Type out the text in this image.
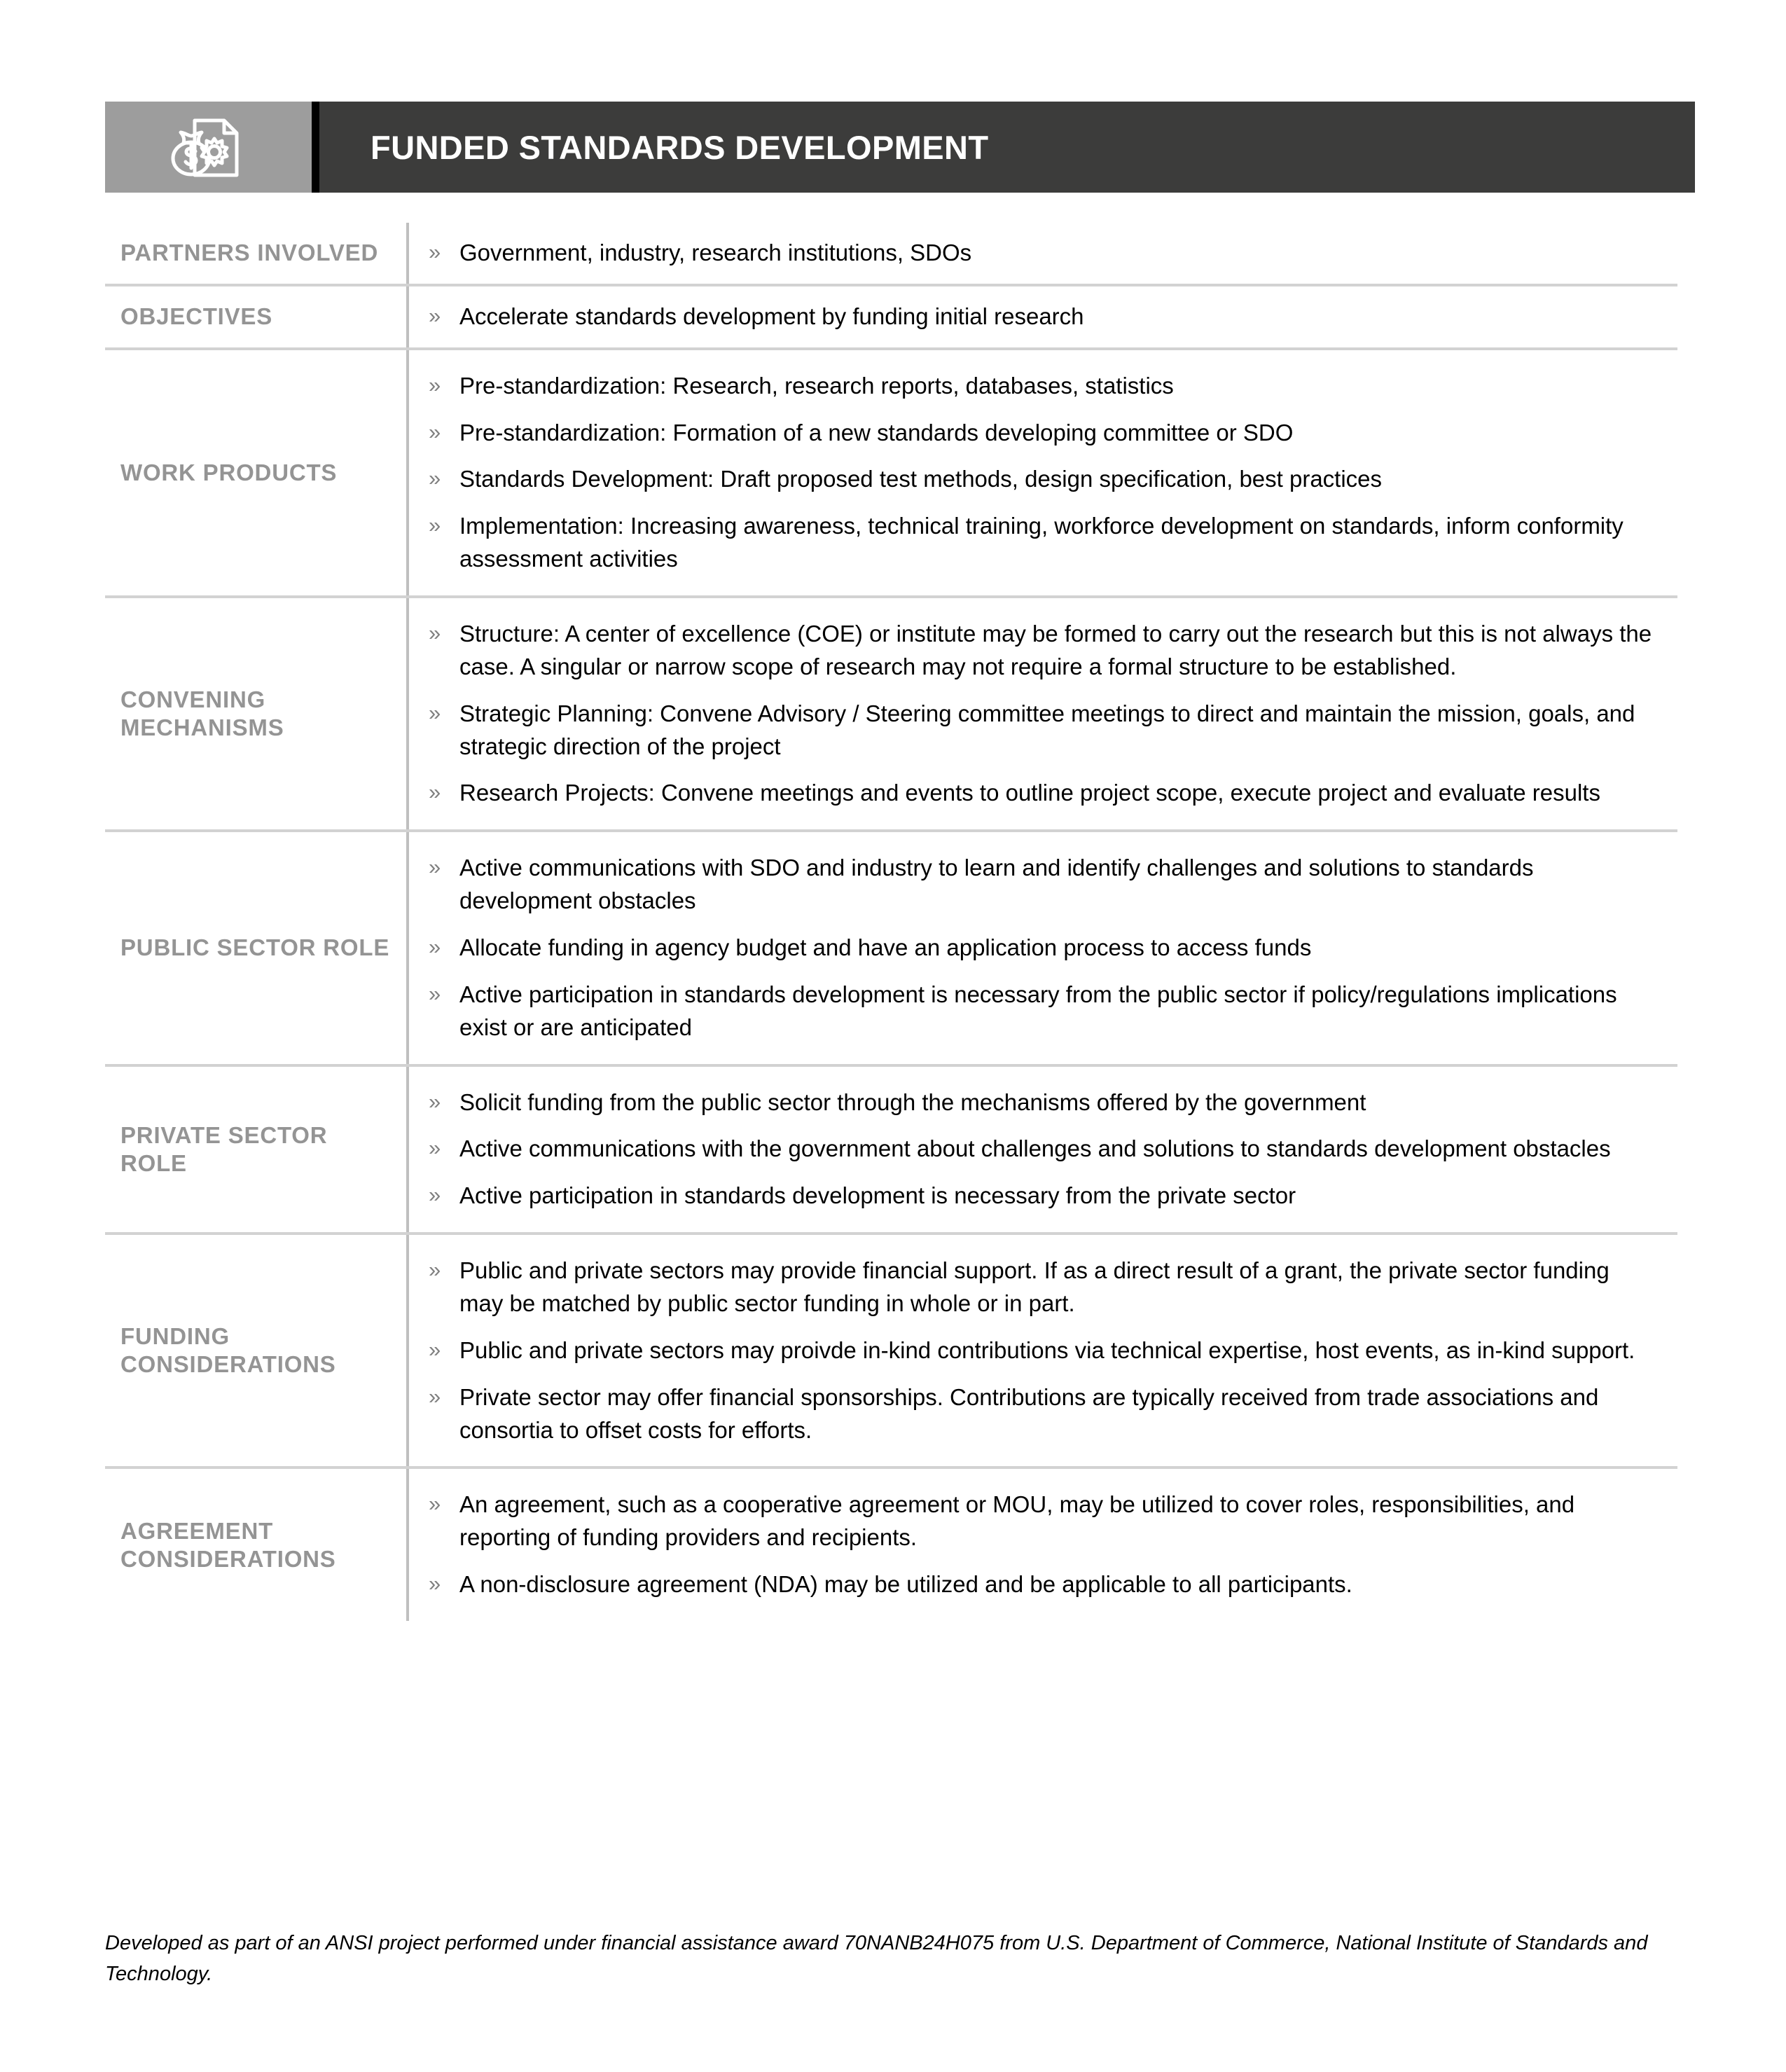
FUNDED STANDARDS DEVELOPMENT
PARTNERS INVOLVED	» Government, industry, research institutions, SDOs
OBJECTIVES	» Accelerate standards development by funding initial research
WORK PRODUCTS
» Pre-standardization: Research, research reports, databases, statistics
» Pre-standardization: Formation of a new standards developing committee or SDO
» Standards Development: Draft proposed test methods, design specification, best practices
» Implementation: Increasing awareness, technical training, workforce development on standards, inform conformity assessment activities
CONVENING MECHANISMS
» Structure: A center of excellence (COE) or institute may be formed to carry out the research but this is not always the case. A singular or narrow scope of research may not require a formal structure to be established.
» Strategic Planning: Convene Advisory / Steering committee meetings to direct and maintain the mission, goals, and strategic direction of the project
» Research Projects: Convene meetings and events to outline project scope, execute project and evaluate results
PUBLIC SECTOR ROLE
» Active communications with SDO and industry to learn and identify challenges and solutions to standards development obstacles
» Allocate funding in agency budget and have an application process to access funds
» Active participation in standards development is necessary from the public sector if policy/regulations implications exist or are anticipated
PRIVATE SECTOR ROLE
» Solicit funding from the public sector through the mechanisms offered by the government
» Active communications with the government about challenges and solutions to standards development obstacles
» Active participation in standards development is necessary from the private sector
FUNDING CONSIDERATIONS
» Public and private sectors may provide financial support. If as a direct result of a grant, the private sector funding may be matched by public sector funding in whole or in part.
» Public and private sectors may proivde in-kind contributions via technical expertise, host events, as in-kind support.
» Private sector may offer financial sponsorships. Contributions are typically received from trade associations and consortia to offset costs for efforts.
AGREEMENT CONSIDERATIONS
» An agreement, such as a cooperative agreement or MOU, may be utilized to cover roles, responsibilities, and reporting of funding providers and recipients.
» A non-disclosure agreement (NDA) may be utilized and be applicable to all participants.
Developed as part of an ANSI project performed under financial assistance award 70NANB24H075 from U.S. Department of Commerce, National Institute of Standards and Technology.
